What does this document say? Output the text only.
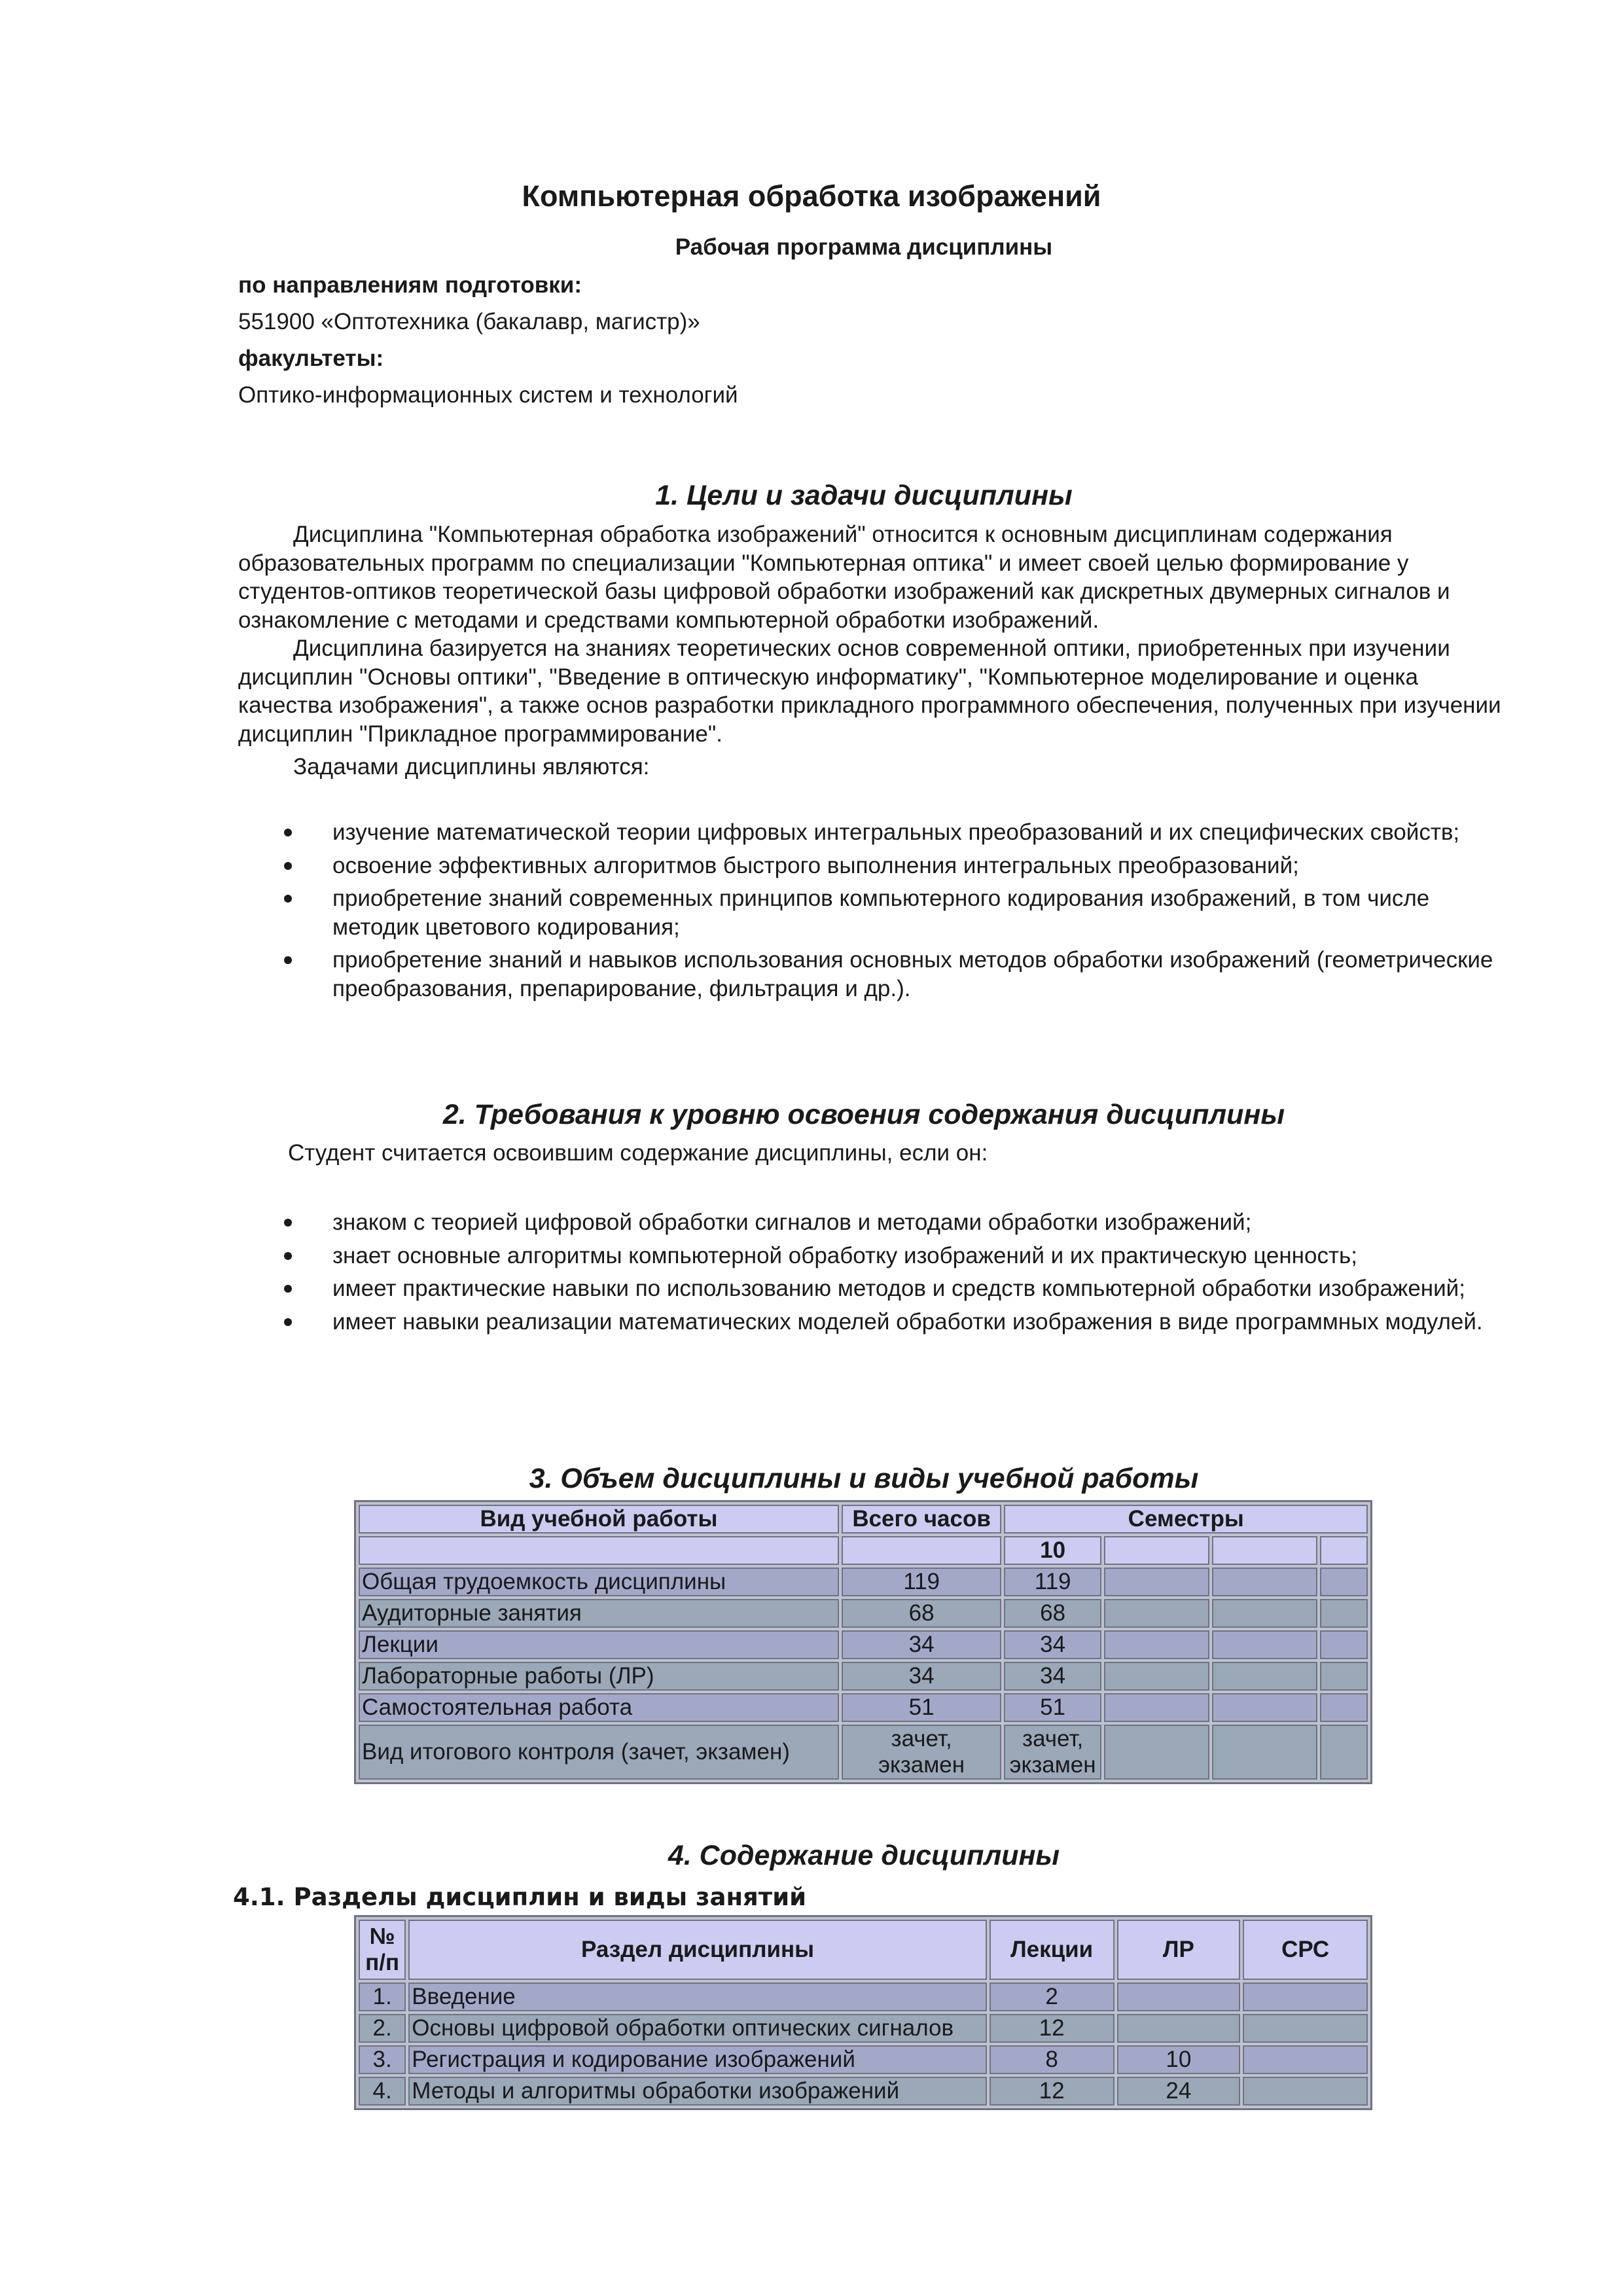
Компьютерная обработка изображений
Рабочая программа дисциплины
по направлениям подготовки:
551900 «Оптотехника (бакалавр, магистр)»
факультеты:
Оптико-информационных систем и технологий
1. Цели и задачи дисциплины

Дисциплина "Компьютерная обработка изображений" относится к основным дисциплинам содержания образовательных программ по специализации "Компьютерная оптика" и имеет своей целью формирование у студентов-оптиков теоретической базы цифровой обработки изображений как дискретных двумерных сигналов и ознакомление с методами и средствами компьютерной обработки изображений.

Дисциплина базируется на знаниях теоретических основ современной оптики, приобретенных при изучении дисциплин "Основы оптики", "Введение в оптическую информатику", "Компьютерное моделирование и оценка качества изображения", а также основ разработки прикладного программного обеспечения, полученных при изучении дисциплин "Прикладное программирование".

Задачами дисциплины являются:

изучение математической теории цифровых интегральных преобразований и их специфических свойств;
освоение эффективных алгоритмов быстрого выполнения интегральных преобразований;
приобретение знаний современных принципов компьютерного кодирования изображений, в том числе методик цветового кодирования;
приобретение знаний и навыков использования основных методов обработки изображений (геометрические преобразования, препарирование, фильтрация и др.).
2. Требования к уровню освоения содержания дисциплины
Студент считается освоившим содержание дисциплины, если он:
знаком с теорией цифровой обработки сигналов и методами обработки изображений;
знает основные алгоритмы компьютерной обработку изображений и их практическую ценность;
имеет практические навыки по использованию методов и средств компьютерной обработки изображений;
имеет навыки реализации математических моделей обработки изображения в виде программных модулей.
3. Объем дисциплины и виды учебной работы
Вид учебной работы	Всего часов	Семестры			
		10			
Общая трудоемкость дисциплины	119	119			
Аудиторные занятия	68	68			
Лекции	34	34			
Лабораторные работы (ЛР)	34	34			
Самостоятельная работа	51	51			
Вид итогового контроля (зачет, экзамен)	зачет, экзамен	зачет, экзамен			
4. Содержание дисциплины
4.1. Разделы дисциплин и виды занятий
№ п/п	Раздел дисциплины	Лекции	ЛР	СРС
1.	Введение	2		
2.	Основы цифровой обработки оптических сигналов	12		
3.	Регистрация и кодирование изображений	8	10	
4.	Методы и алгоритмы обработки изображений	12	24	
